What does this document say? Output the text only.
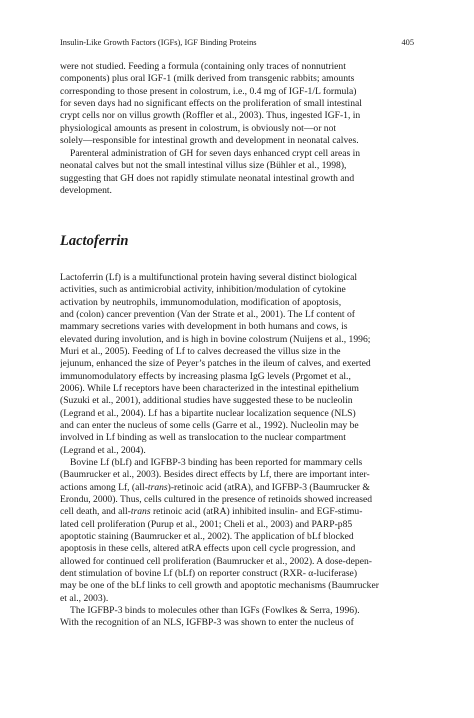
Insulin-Like Growth Factors (IGFs), IGF Binding Proteins	405

were not studied. Feeding a formula (containing only traces of nonnutrient

components) plus oral IGF-1 (milk derived from transgenic rabbits; amounts

corresponding to those present in colostrum, i.e., 0.4 mg of IGF-1/L formula)

for seven days had no significant effects on the proliferation of small intestinal

crypt cells nor on villus growth (Roffler et al., 2003). Thus, ingested IGF-1, in

physiological amounts as present in colostrum, is obviously not—or not

solely—responsible for intestinal growth and development in neonatal calves.

Parenteral administration of GH for seven days enhanced crypt cell areas in

neonatal calves but not the small intestinal villus size (Bühler et al., 1998),

suggesting that GH does not rapidly stimulate neonatal intestinal growth and

development.

Lactoferrin

Lactoferrin (Lf) is a multifunctional protein having several distinct biological

activities, such as antimicrobial activity, inhibition/modulation of cytokine

activation by neutrophils, immunomodulation, modification of apoptosis,

and (colon) cancer prevention (Van der Strate et al., 2001). The Lf content of

mammary secretions varies with development in both humans and cows, is

elevated during involution, and is high in bovine colostrum (Nuijens et al., 1996;

Muri et al., 2005). Feeding of Lf to calves decreased the villus size in the

jejunum, enhanced the size of Peyer’s patches in the ileum of calves, and exerted

immunomodulatory effects by increasing plasma IgG levels (Prgomet et al.,

2006). While Lf receptors have been characterized in the intestinal epithelium

(Suzuki et al., 2001), additional studies have suggested these to be nucleolin

(Legrand et al., 2004). Lf has a bipartite nuclear localization sequence (NLS)

and can enter the nucleus of some cells (Garre et al., 1992). Nucleolin may be

involved in Lf binding as well as translocation to the nuclear compartment

(Legrand et al., 2004).

Bovine Lf (bLf) and IGFBP-3 binding has been reported for mammary cells

(Baumrucker et al., 2003). Besides direct effects by Lf, there are important inter-

actions among Lf, (all-trans)-retinoic acid (atRA), and IGFBP-3 (Baumrucker &

Erondu, 2000). Thus, cells cultured in the presence of retinoids showed increased

cell death, and all-trans retinoic acid (atRA) inhibited insulin- and EGF-stimu-

lated cell proliferation (Purup et al., 2001; Cheli et al., 2003) and PARP-p85

apoptotic staining (Baumrucker et al., 2002). The application of bLf blocked

apoptosis in these cells, altered atRA effects upon cell cycle progression, and

allowed for continued cell proliferation (Baumrucker et al., 2002). A dose-depen-

dent stimulation of bovine Lf (bLf) on reporter construct (RXR- α-luciferase)

may be one of the bLf links to cell growth and apoptotic mechanisms (Baumrucker

et al., 2003).

The IGFBP-3 binds to molecules other than IGFs (Fowlkes & Serra, 1996).

With the recognition of an NLS, IGFBP-3 was shown to enter the nucleus of
